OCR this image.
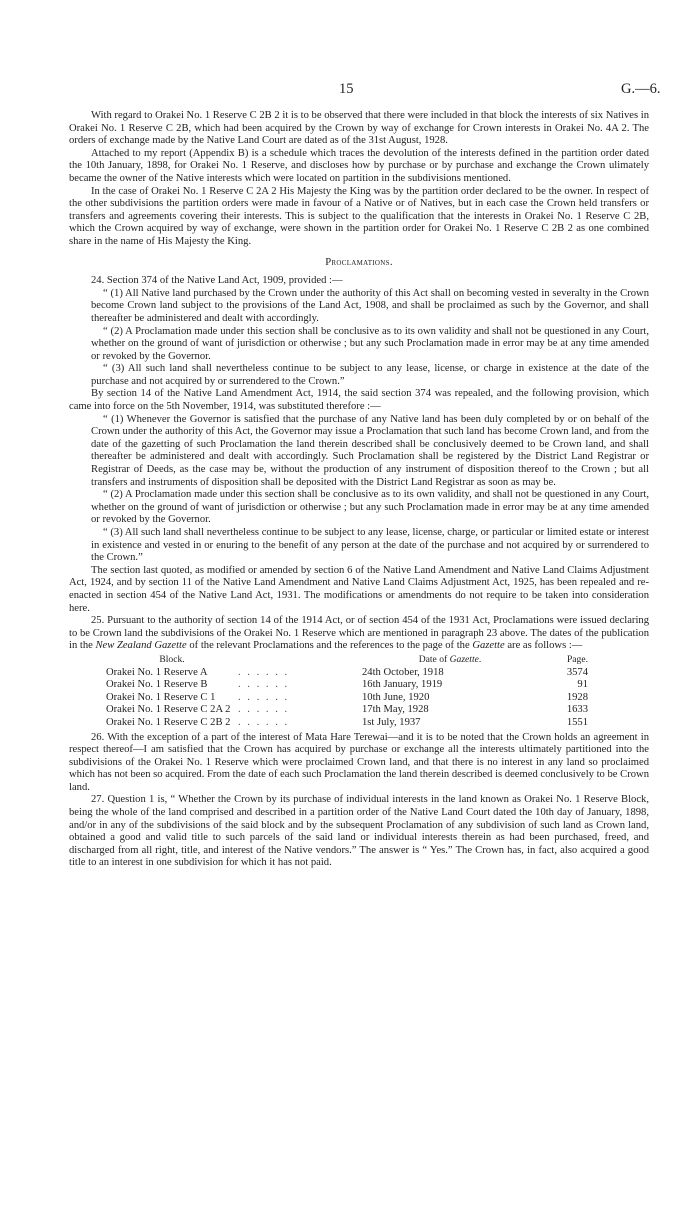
15	G.—6.

With regard to Orakei No. 1 Reserve C 2B 2 it is to be observed that there were included in that block the interests of six Natives in Orakei No. 1 Reserve C 2B, which had been acquired by the Crown by way of exchange for Crown interests in Orakei No. 4A 2. The orders of exchange made by the Native Land Court are dated as of the 31st August, 1928.

Attached to my report (Appendix B) is a schedule which traces the devolution of the interests defined in the partition order dated the 10th January, 1898, for Orakei No. 1 Reserve, and discloses how by purchase or by purchase and exchange the Crown ulimately became the owner of the Native interests which were located on partition in the subdivisions mentioned.

In the case of Orakei No. 1 Reserve C 2A 2 His Majesty the King was by the partition order declared to be the owner. In respect of the other subdivisions the partition orders were made in favour of a Native or of Natives, but in each case the Crown held transfers or transfers and agreements covering their interests. This is subject to the qualification that the interests in Orakei No. 1 Reserve C 2B, which the Crown acquired by way of exchange, were shown in the partition order for Orakei No. 1 Reserve C 2B 2 as one combined share in the name of His Majesty the King.

Proclamations.

24. Section 374 of the Native Land Act, 1909, provided :—

“ (1) All Native land purchased by the Crown under the authority of this Act shall on becoming vested in severalty in the Crown become Crown land subject to the provisions of the Land Act, 1908, and shall be proclaimed as such by the Governor, and shall thereafter be administered and dealt with accordingly.

“ (2) A Proclamation made under this section shall be conclusive as to its own validity and shall not be questioned in any Court, whether on the ground of want of jurisdiction or otherwise ; but any such Proclamation made in error may be at any time amended or revoked by the Governor.

“ (3) All such land shall nevertheless continue to be subject to any lease, license, or charge in existence at the date of the purchase and not acquired by or surrendered to the Crown.”

By section 14 of the Native Land Amendment Act, 1914, the said section 374 was repealed, and the following provision, which came into force on the 5th November, 1914, was substituted therefore :—

“ (1) Whenever the Governor is satisfied that the purchase of any Native land has been duly completed by or on behalf of the Crown under the authority of this Act, the Governor may issue a Proclamation that such land has become Crown land, and from the date of the gazetting of such Proclamation the land therein described shall be conclusively deemed to be Crown land, and shall thereafter be administered and dealt with accordingly. Such Proclamation shall be registered by the District Land Registrar or Registrar of Deeds, as the case may be, without the production of any instrument of disposition thereof to the Crown ; but all transfers and instruments of disposition shall be deposited with the District Land Registrar as soon as may be.

“ (2) A Proclamation made under this section shall be conclusive as to its own validity, and shall not be questioned in any Court, whether on the ground of want of jurisdiction or otherwise ; but any such Proclamation made in error may be at any time amended or revoked by the Governor.

“ (3) All such land shall nevertheless continue to be subject to any lease, license, charge, or particular or limited estate or interest in existence and vested in or enuring to the benefit of any person at the date of the purchase and not acquired by or surrendered to the Crown.”

The section last quoted, as modified or amended by section 6 of the Native Land Amendment and Native Land Claims Adjustment Act, 1924, and by section 11 of the Native Land Amendment and Native Land Claims Adjustment Act, 1925, has been repealed and re-enacted in section 454 of the Native Land Act, 1931. The modifications or amendments do not require to be taken into consideration here.

25. Pursuant to the authority of section 14 of the 1914 Act, or of section 454 of the 1931 Act, Proclamations were issued declaring to be Crown land the subdivisions of the Orakei No. 1 Reserve which are mentioned in paragraph 23 above. The dates of the publication in the New Zealand Gazette of the relevant Proclamations and the references to the page of the Gazette are as follows :—

Block.		Date of Gazette.	Page.
Orakei No. 1 Reserve A	. . . . . .	24th October, 1918	3574
Orakei No. 1 Reserve B	. . . . . .	16th January, 1919	91
Orakei No. 1 Reserve C 1	. . . . . .	10th June, 1920	1928
Orakei No. 1 Reserve C 2A 2	. . . . . .	17th May, 1928	1633
Orakei No. 1 Reserve C 2B 2	. . . . . .	1st July, 1937	1551

26. With the exception of a part of the interest of Mata Hare Terewai—and it is to be noted that the Crown holds an agreement in respect thereof—I am satisfied that the Crown has acquired by purchase or exchange all the interests ultimately partitioned into the subdivisions of the Orakei No. 1 Reserve which were proclaimed Crown land, and that there is no interest in any land so proclaimed which has not been so acquired. From the date of each such Proclamation the land therein described is deemed conclusively to be Crown land.

27. Question 1 is, “ Whether the Crown by its purchase of individual interests in the land known as Orakei No. 1 Reserve Block, being the whole of the land comprised and described in a partition order of the Native Land Court dated the 10th day of January, 1898, and/or in any of the subdivisions of the said block and by the subsequent Proclamation of any subdivision of such land as Crown land, obtained a good and valid title to such parcels of the said land or individual interests therein as had been purchased, freed, and discharged from all right, title, and interest of the Native vendors.” The answer is “ Yes.” The Crown has, in fact, also acquired a good title to an interest in one subdivision for which it has not paid.
